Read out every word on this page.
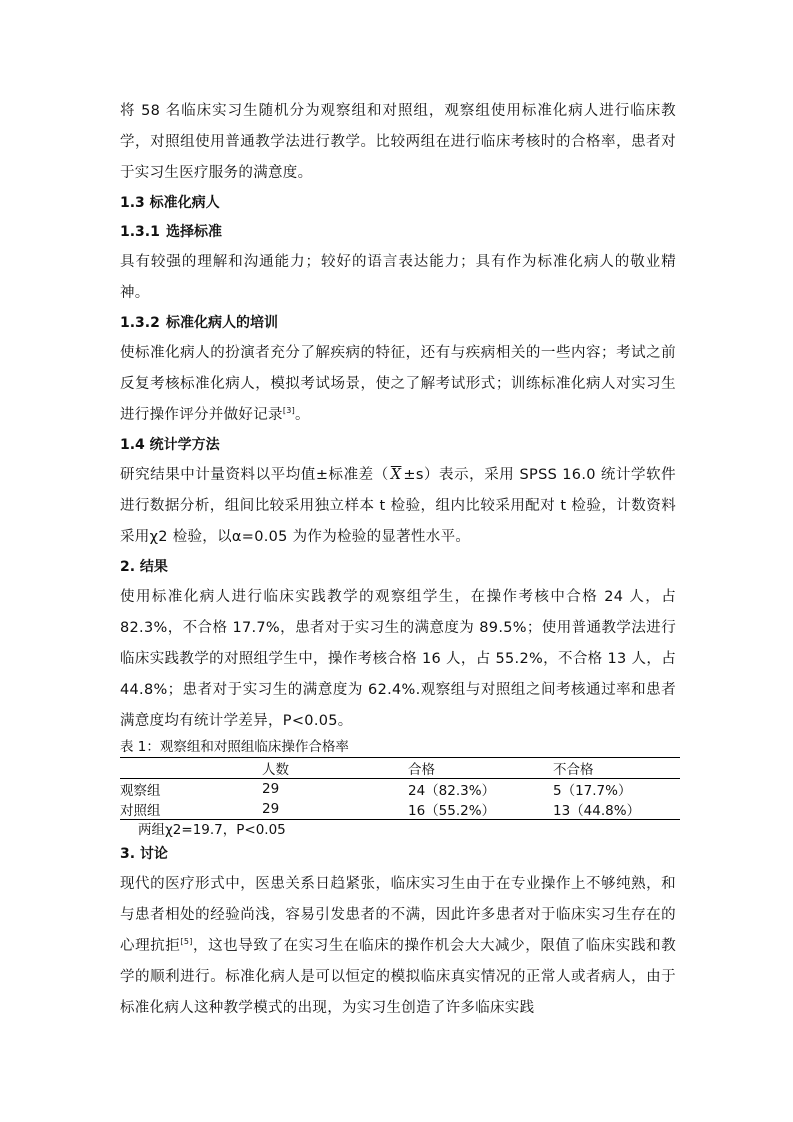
将 58 名临床实习生随机分为观察组和对照组，观察组使用标准化病人进行临床教学，对照组使用普通教学法进行教学。比较两组在进行临床考核时的合格率，患者对于实习生医疗服务的满意度。

1.3 标准化病人

1.3.1 选择标准

具有较强的理解和沟通能力；较好的语言表达能力；具有作为标准化病人的敬业精神。

1.3.2 标准化病人的培训

使标准化病人的扮演者充分了解疾病的特征，还有与疾病相关的一些内容；考试之前反复考核标准化病人，模拟考试场景，使之了解考试形式；训练标准化病人对实习生进行操作评分并做好记录[3]。

1.4 统计学方法

研究结果中计量资料以平均值±标准差（ $\overline{X} \pm s$）表示，采用 SPSS 16.0 统计学软件进行数据分析，组间比较采用独立样本 t 检验，组内比较采用配对 t 检验，计数资料采用χ2 检验，以α=0.05 为作为检验的显著性水平。

2. 结果

使用标准化病人进行临床实践教学的观察组学生，在操作考核中合格 24 人，占 82.3%，不合格 17.7%，患者对于实习生的满意度为 89.5%；使用普通教学法进行临床实践教学的对照组学生中，操作考核合格 16 人，占 55.2%，不合格 13 人，占 44.8%；患者对于实习生的满意度为 62.4%.观察组与对照组之间考核通过率和患者满意度均有统计学差异，P<0.05。

表 1：观察组和对照组临床操作合格率

	人数	合格	不合格
观察组	29	24（82.3%）	5（17.7%）
对照组	29	16（55.2%）	13（44.8%）

两组χ2=19.7，P<0.05

3. 讨论

现代的医疗形式中，医患关系日趋紧张，临床实习生由于在专业操作上不够纯熟，和与患者相处的经验尚浅，容易引发患者的不满，因此许多患者对于临床实习生存在的心理抗拒[5]，这也导致了在实习生在临床的操作机会大大减少，限值了临床实践和教学的顺利进行。标准化病人是可以恒定的模拟临床真实情况的正常人或者病人，由于标准化病人这种教学模式的出现，为实习生创造了许多临床实践
